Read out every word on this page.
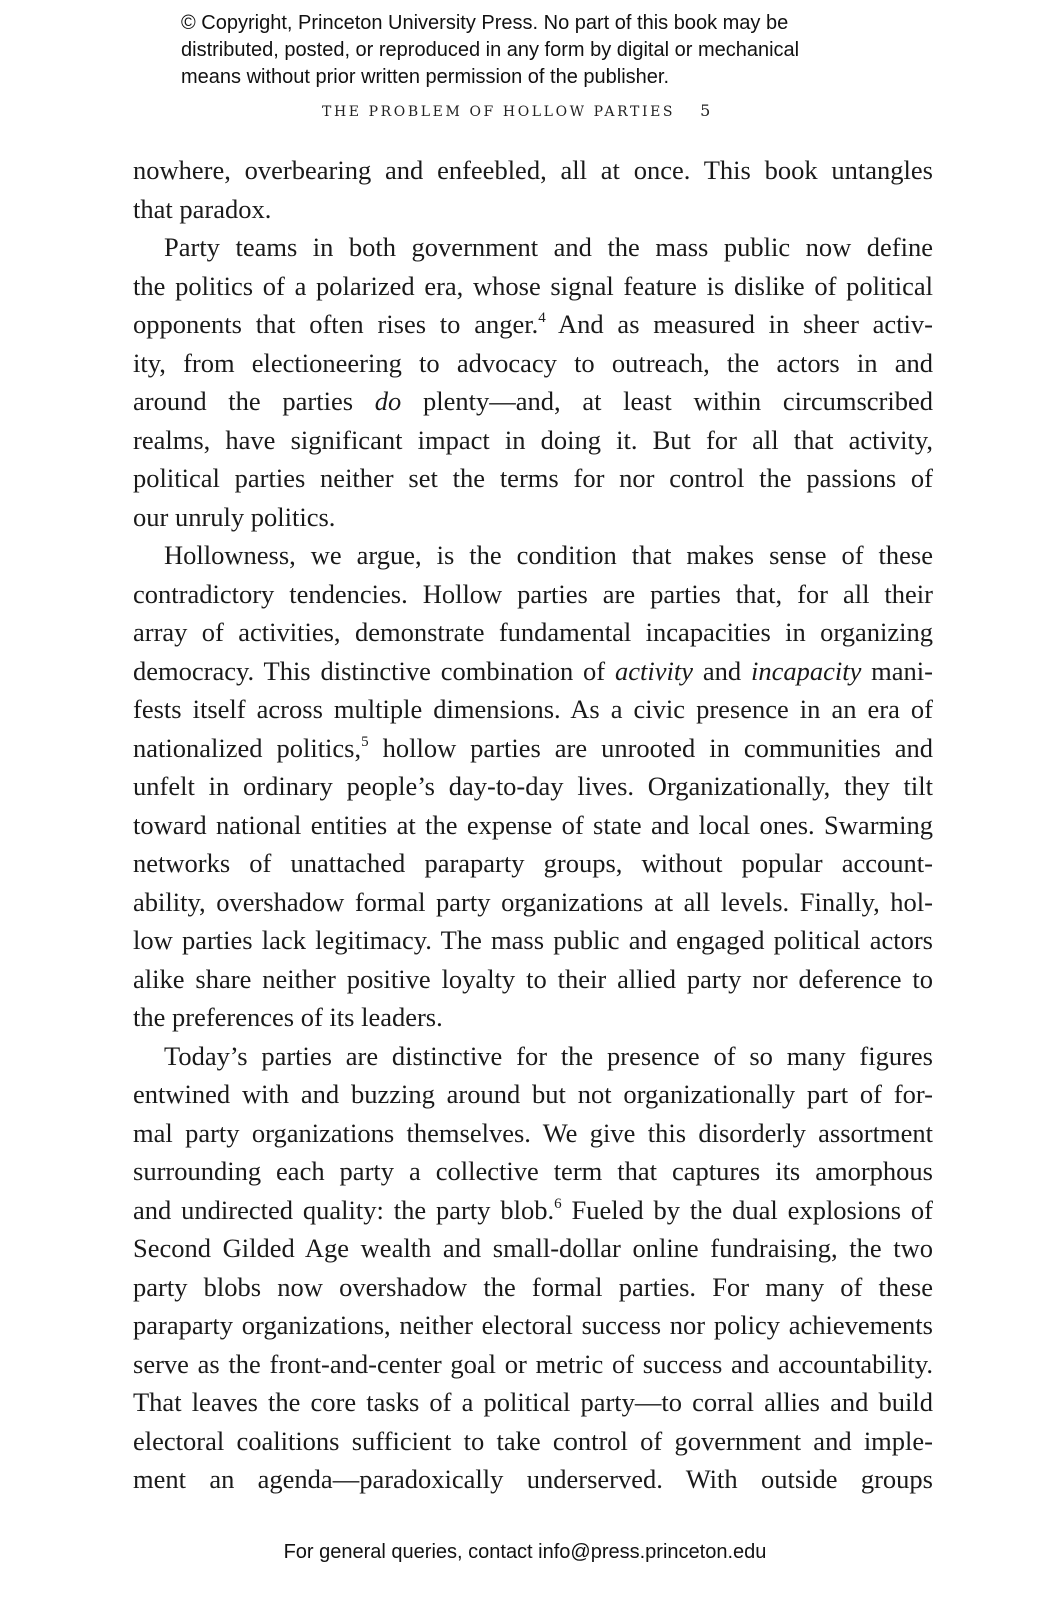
© Copyright, Princeton University Press. No part of this book may be
distributed, posted, or reproduced in any form by digital or mechanical
means without prior written permission of the publisher.
THE PROBLEM OF HOLLOW PARTIES 5
nowhere, overbearing and enfeebled, all at once. This book untangles
that paradox.
Party teams in both government and the mass public now define
the politics of a polarized era, whose signal feature is dislike of political
opponents that often rises to anger.$^4$ And as measured in sheer activ-
ity, from electioneering to advocacy to outreach, the actors in and
around the parties do plenty—and, at least within circumscribed
realms, have significant impact in doing it. But for all that activity,
political parties neither set the terms for nor control the passions of
our unruly politics.
Hollowness, we argue, is the condition that makes sense of these
contradictory tendencies. Hollow parties are parties that, for all their
array of activities, demonstrate fundamental incapacities in organizing
democracy. This distinctive combination of activity and incapacity mani-
fests itself across multiple dimensions. As a civic presence in an era of
nationalized politics,$^5$ hollow parties are unrooted in communities and
unfelt in ordinary people’s day-to-day lives. Organizationally, they tilt
toward national entities at the expense of state and local ones. Swarming
networks of unattached paraparty groups, without popular account-
ability, overshadow formal party organizations at all levels. Finally, hol-
low parties lack legitimacy. The mass public and engaged political actors
alike share neither positive loyalty to their allied party nor deference to
the preferences of its leaders.
Today’s parties are distinctive for the presence of so many figures
entwined with and buzzing around but not organizationally part of for-
mal party organizations themselves. We give this disorderly assortment
surrounding each party a collective term that captures its amorphous
and undirected quality: the party blob.$^6$ Fueled by the dual explosions of
Second Gilded Age wealth and small-dollar online fundraising, the two
party blobs now overshadow the formal parties. For many of these
paraparty organizations, neither electoral success nor policy achievements
serve as the front-and-center goal or metric of success and accountability.
That leaves the core tasks of a political party—to corral allies and build
electoral coalitions sufficient to take control of government and imple-
ment an agenda—paradoxically underserved. With outside groups
For general queries, contact info@press.princeton.edu
